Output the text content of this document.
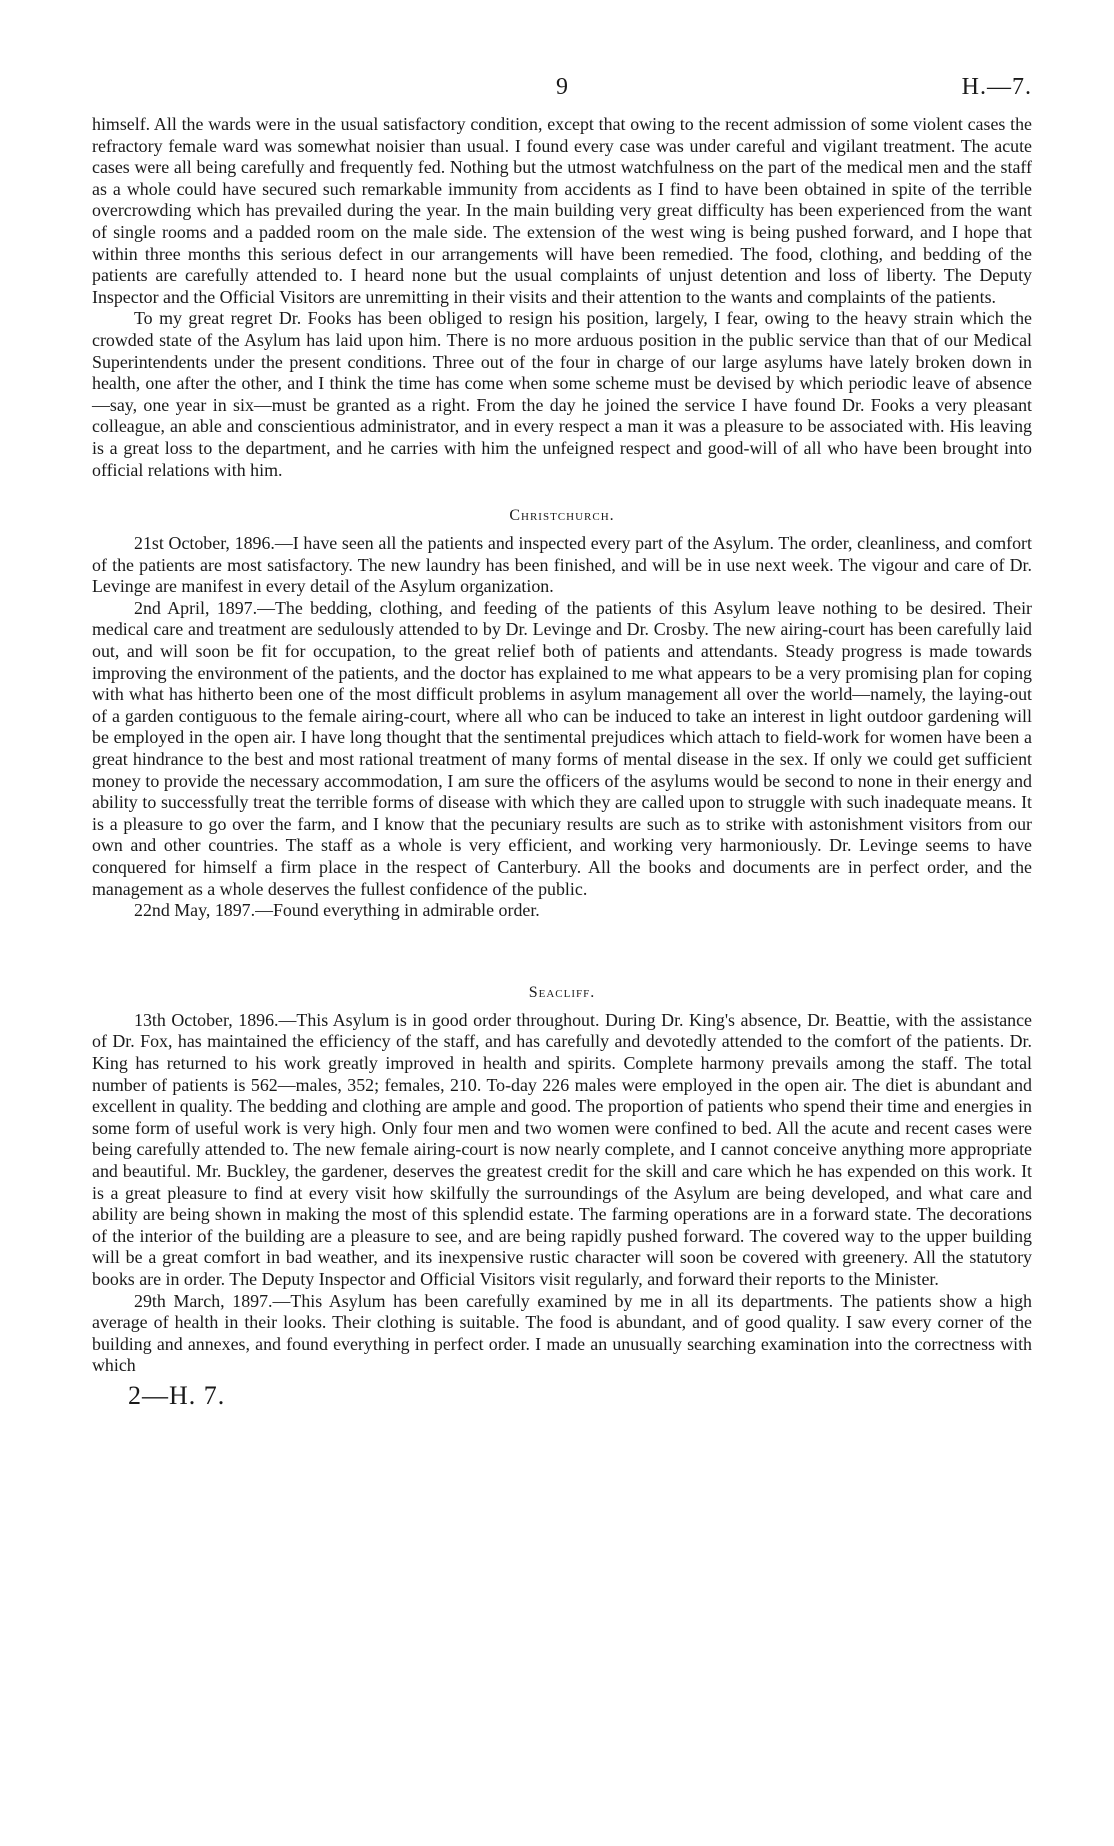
9	H.—7.

himself. All the wards were in the usual satisfactory condition, except that owing to the recent admission of some violent cases the refractory female ward was somewhat noisier than usual. I found every case was under careful and vigilant treatment. The acute cases were all being carefully and frequently fed. Nothing but the utmost watchfulness on the part of the medical men and the staff as a whole could have secured such remarkable immunity from accidents as I find to have been obtained in spite of the terrible overcrowding which has prevailed during the year. In the main building very great difficulty has been experienced from the want of single rooms and a padded room on the male side. The extension of the west wing is being pushed forward, and I hope that within three months this serious defect in our arrangements will have been remedied. The food, clothing, and bedding of the patients are carefully attended to. I heard none but the usual complaints of unjust detention and loss of liberty. The Deputy Inspector and the Official Visitors are unremitting in their visits and their attention to the wants and complaints of the patients.

To my great regret Dr. Fooks has been obliged to resign his position, largely, I fear, owing to the heavy strain which the crowded state of the Asylum has laid upon him. There is no more arduous position in the public service than that of our Medical Superintendents under the present conditions. Three out of the four in charge of our large asylums have lately broken down in health, one after the other, and I think the time has come when some scheme must be devised by which periodic leave of absence—say, one year in six—must be granted as a right. From the day he joined the service I have found Dr. Fooks a very pleasant colleague, an able and conscientious administrator, and in every respect a man it was a pleasure to be associated with. His leaving is a great loss to the department, and he carries with him the unfeigned respect and good-will of all who have been brought into official relations with him.

Christchurch.

21st October, 1896.—I have seen all the patients and inspected every part of the Asylum. The order, cleanliness, and comfort of the patients are most satisfactory. The new laundry has been finished, and will be in use next week. The vigour and care of Dr. Levinge are manifest in every detail of the Asylum organization.

2nd April, 1897.—The bedding, clothing, and feeding of the patients of this Asylum leave nothing to be desired. Their medical care and treatment are sedulously attended to by Dr. Levinge and Dr. Crosby. The new airing-court has been carefully laid out, and will soon be fit for occupation, to the great relief both of patients and attendants. Steady progress is made towards improving the environment of the patients, and the doctor has explained to me what appears to be a very promising plan for coping with what has hitherto been one of the most difficult problems in asylum management all over the world—namely, the laying-out of a garden contiguous to the female airing-court, where all who can be induced to take an interest in light outdoor gardening will be employed in the open air. I have long thought that the sentimental prejudices which attach to field-work for women have been a great hindrance to the best and most rational treatment of many forms of mental disease in the sex. If only we could get sufficient money to provide the necessary accommodation, I am sure the officers of the asylums would be second to none in their energy and ability to successfully treat the terrible forms of disease with which they are called upon to struggle with such inadequate means. It is a pleasure to go over the farm, and I know that the pecuniary results are such as to strike with astonishment visitors from our own and other countries. The staff as a whole is very efficient, and working very harmoniously. Dr. Levinge seems to have conquered for himself a firm place in the respect of Canterbury. All the books and documents are in perfect order, and the management as a whole deserves the fullest confidence of the public.

22nd May, 1897.—Found everything in admirable order.

Seacliff.

13th October, 1896.—This Asylum is in good order throughout. During Dr. King's absence, Dr. Beattie, with the assistance of Dr. Fox, has maintained the efficiency of the staff, and has carefully and devotedly attended to the comfort of the patients. Dr. King has returned to his work greatly improved in health and spirits. Complete harmony prevails among the staff. The total number of patients is 562—males, 352; females, 210. To-day 226 males were employed in the open air. The diet is abundant and excellent in quality. The bedding and clothing are ample and good. The proportion of patients who spend their time and energies in some form of useful work is very high. Only four men and two women were confined to bed. All the acute and recent cases were being carefully attended to. The new female airing-court is now nearly complete, and I cannot conceive anything more appropriate and beautiful. Mr. Buckley, the gardener, deserves the greatest credit for the skill and care which he has expended on this work. It is a great pleasure to find at every visit how skilfully the surroundings of the Asylum are being developed, and what care and ability are being shown in making the most of this splendid estate. The farming operations are in a forward state. The decorations of the interior of the building are a pleasure to see, and are being rapidly pushed forward. The covered way to the upper building will be a great comfort in bad weather, and its inexpensive rustic character will soon be covered with greenery. All the statutory books are in order. The Deputy Inspector and Official Visitors visit regularly, and forward their reports to the Minister.

29th March, 1897.—This Asylum has been carefully examined by me in all its departments. The patients show a high average of health in their looks. Their clothing is suitable. The food is abundant, and of good quality. I saw every corner of the building and annexes, and found everything in perfect order. I made an unusually searching examination into the correctness with which

2—H. 7.
